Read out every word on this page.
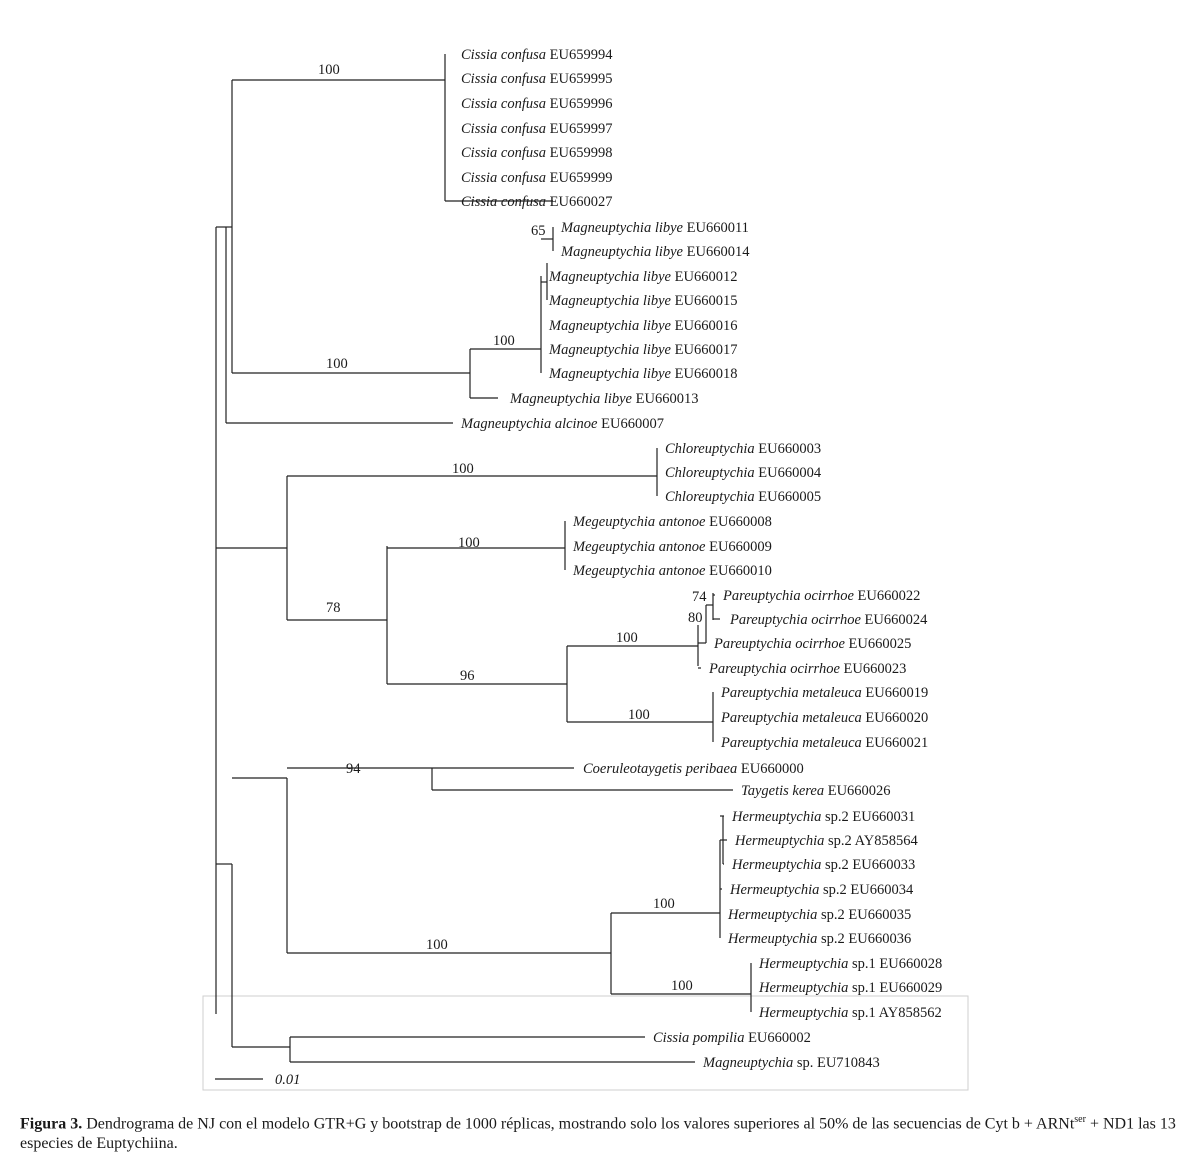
Cissia confusa EU659994
Cissia confusa EU659995
Cissia confusa EU659996
Cissia confusa EU659997
Cissia confusa EU659998
Cissia confusa EU659999
Cissia confusa EU660027
Magneuptychia libye EU660011
Magneuptychia libye EU660014
Magneuptychia libye EU660012
Magneuptychia libye EU660015
Magneuptychia libye EU660016
Magneuptychia libye EU660017
Magneuptychia libye EU660018
Magneuptychia libye EU660013
Magneuptychia alcinoe EU660007
Chloreuptychia EU660003
Chloreuptychia EU660004
Chloreuptychia EU660005
Megeuptychia antonoe EU660008
Megeuptychia antonoe EU660009
Megeuptychia antonoe EU660010
Pareuptychia ocirrhoe EU660022
Pareuptychia ocirrhoe EU660024
Pareuptychia ocirrhoe EU660025
Pareuptychia ocirrhoe EU660023
Pareuptychia metaleuca EU660019
Pareuptychia metaleuca EU660020
Pareuptychia metaleuca EU660021
Coeruleotaygetis peribaea EU660000
Taygetis kerea EU660026
Hermeuptychia sp.2 EU660031
Hermeuptychia sp.2 AY858564
Hermeuptychia sp.2 EU660033
Hermeuptychia sp.2 EU660034
Hermeuptychia sp.2 EU660035
Hermeuptychia sp.2 EU660036
Hermeuptychia sp.1 EU660028
Hermeuptychia sp.1 EU660029
Hermeuptychia sp.1 AY858562
Cissia pompilia EU660002
Magneuptychia sp. EU710843
100
65
100
100
100
100
100
74
80
100
96
78
94
100
100
100
0.01

Figura 3. Dendrograma de NJ con el modelo GTR+G y bootstrap de 1000 réplicas, mostrando solo los valores superiores al 50% de las secuencias de Cyt b + ARNt$^{ser}$ + ND1 las 13 especies de Euptychiina.
